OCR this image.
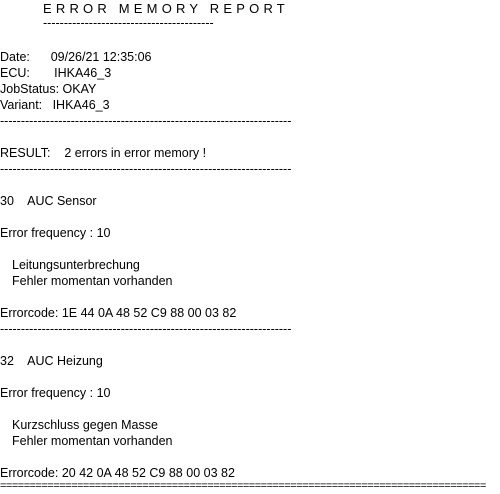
ERROR MEMORY REPORT
-----------------------------------------
Date:      09/26/21 12:35:06
ECU:       IHKA46_3
JobStatus: OKAY
Variant:   IHKA46_3
----------------------------------------------------------------------
RESULT:    2 errors in error memory !
----------------------------------------------------------------------
30    AUC Sensor
Error frequency : 10
Leitungsunterbrechung
Fehler momentan vorhanden
Errorcode: 1E 44 0A 48 52 C9 88 00 03 82
----------------------------------------------------------------------
32    AUC Heizung
Error frequency : 10
Kurzschluss gegen Masse
Fehler momentan vorhanden
Errorcode: 20 42 0A 48 52 C9 88 00 03 82
==================================================================================
